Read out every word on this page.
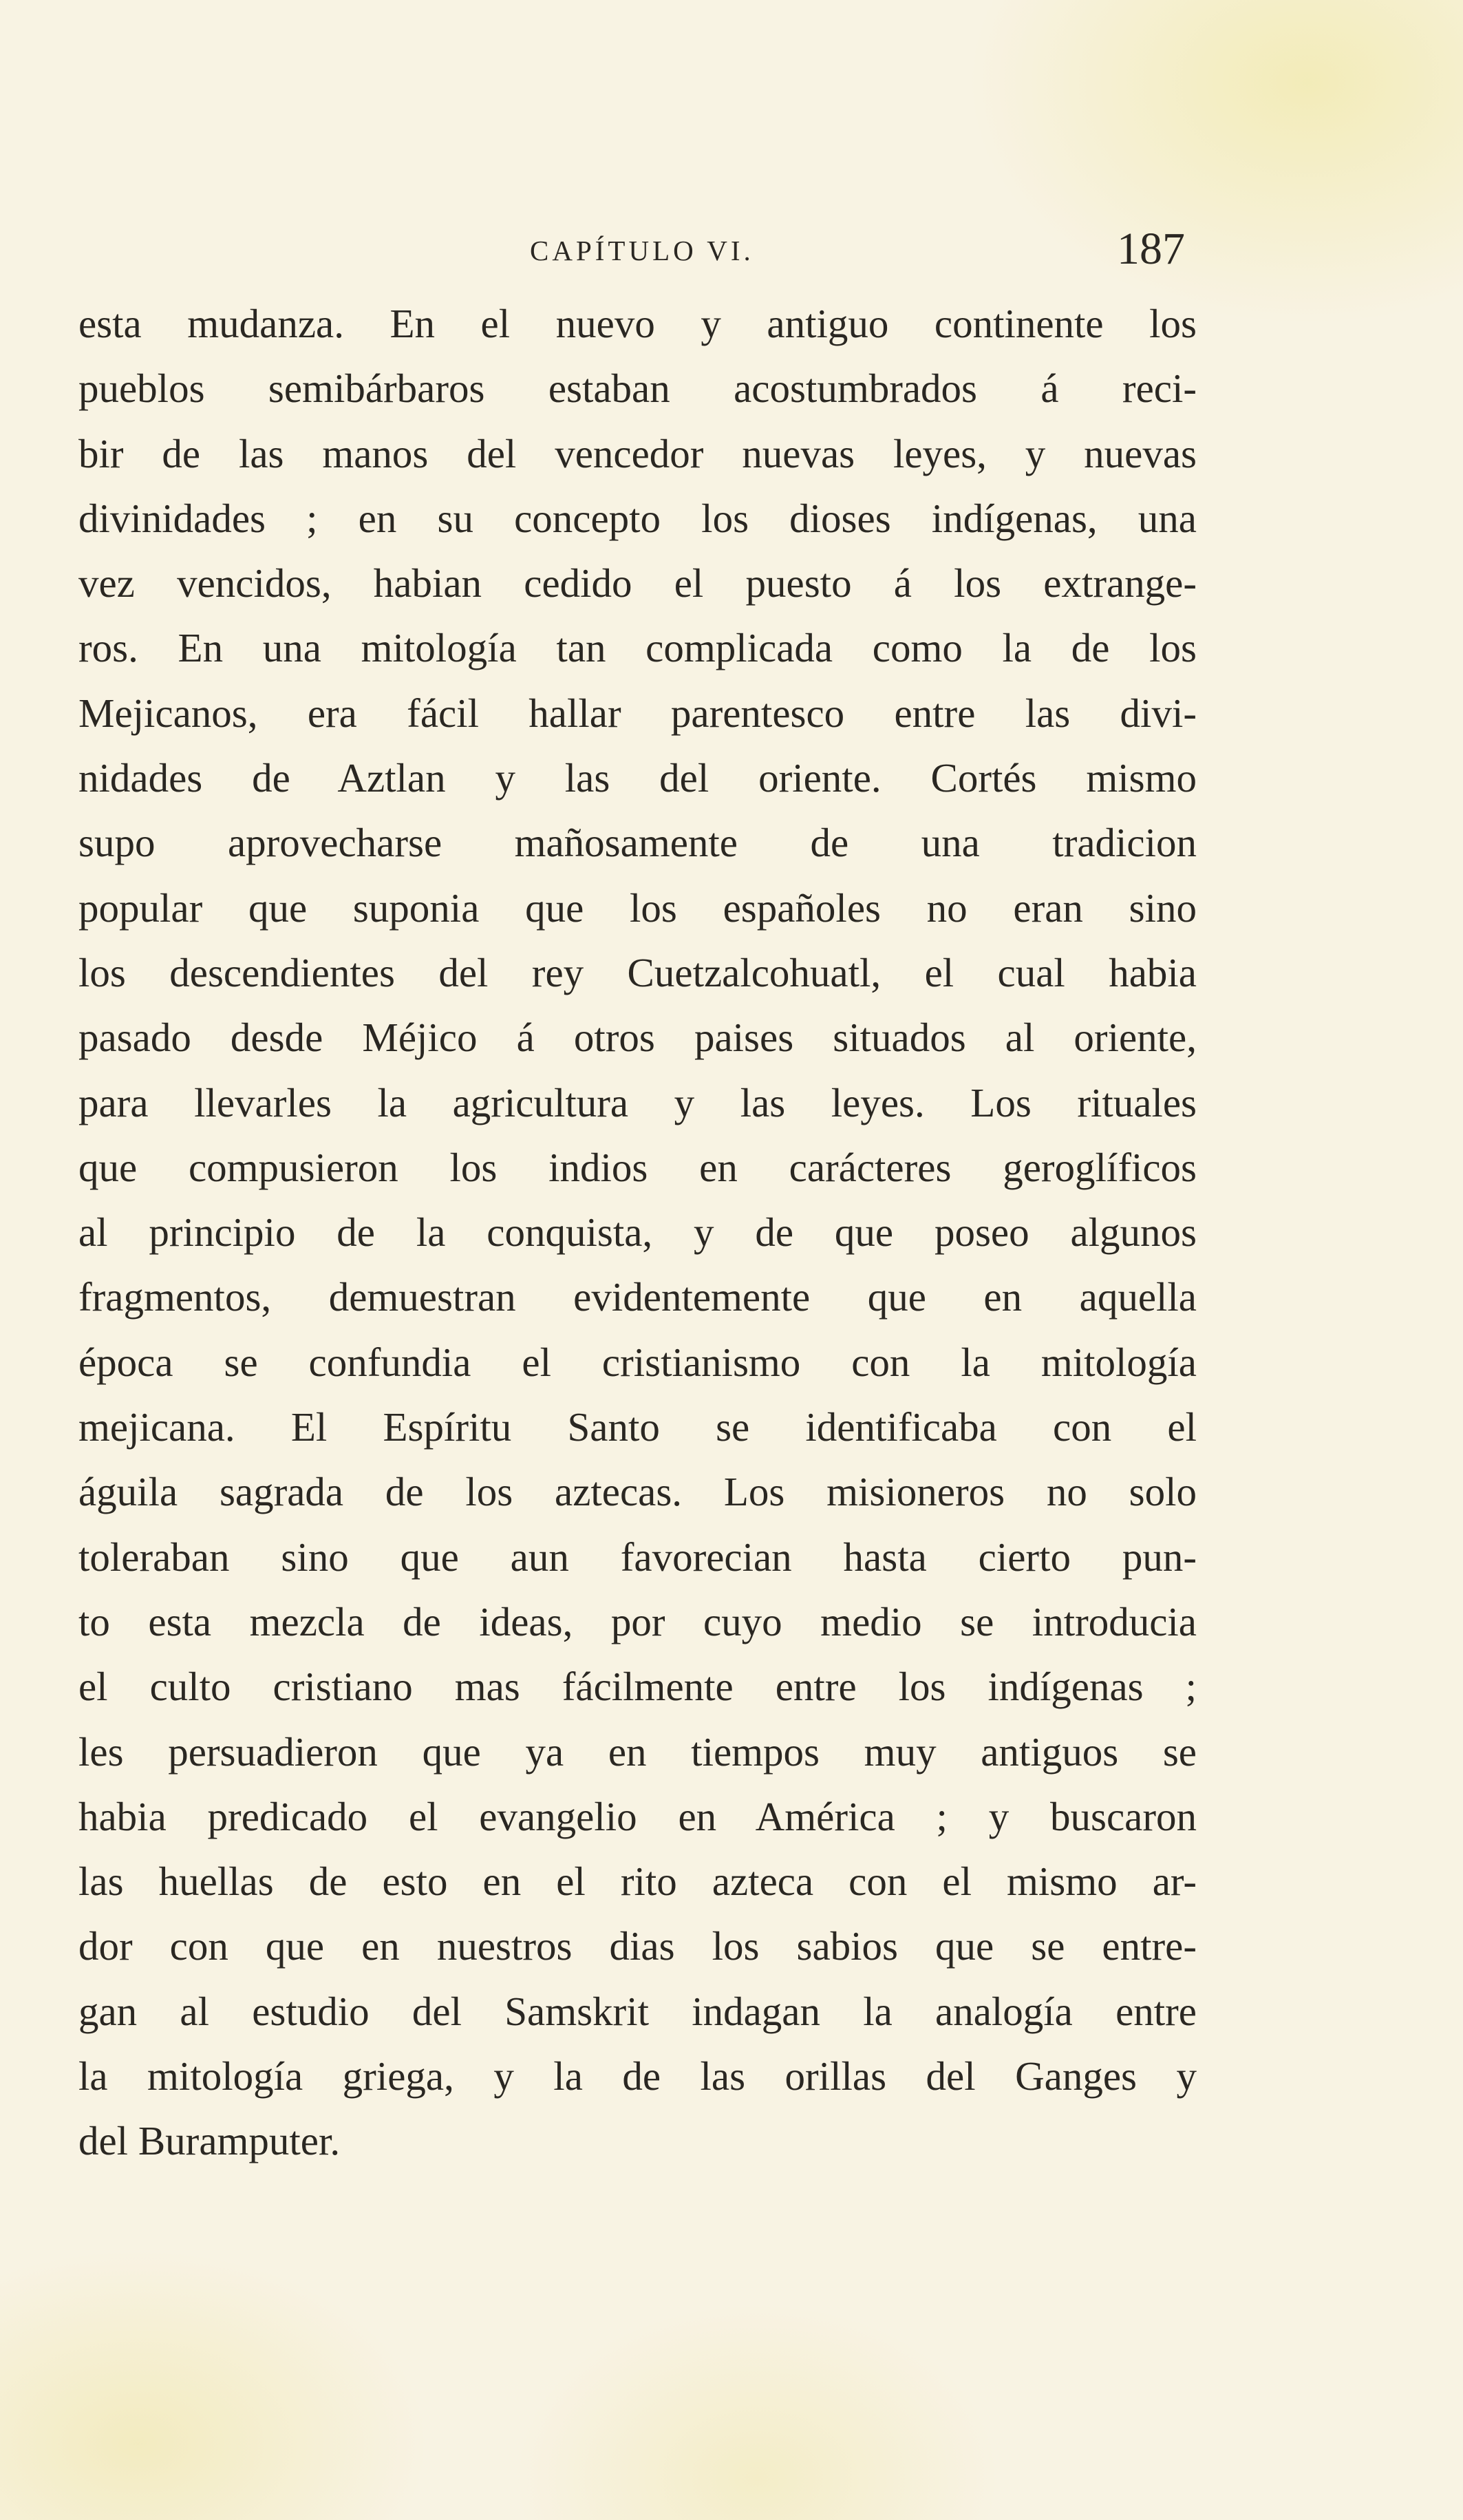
CAPÍTULO VI.	187
esta mudanza. En el nuevo y antiguo continente los
pueblos semibárbaros estaban acostumbrados á reci-
bir de las manos del vencedor nuevas leyes, y nuevas
divinidades ; en su concepto los dioses indígenas, una
vez vencidos, habian cedido el puesto á los extrange-
ros. En una mitología tan complicada como la de los
Mejicanos, era fácil hallar parentesco entre las divi-
nidades de Aztlan y las del oriente. Cortés mismo
supo aprovecharse mañosamente de una tradicion
popular que suponia que los españoles no eran sino
los descendientes del rey Cuetzalcohuatl, el cual habia
pasado desde Méjico á otros paises situados al oriente,
para llevarles la agricultura y las leyes. Los rituales
que compusieron los indios en carácteres geroglíficos
al principio de la conquista, y de que poseo algunos
fragmentos, demuestran evidentemente que en aquella
época se confundia el cristianismo con la mitología
mejicana. El Espíritu Santo se identificaba con el
águila sagrada de los aztecas. Los misioneros no solo
toleraban sino que aun favorecian hasta cierto pun-
to esta mezcla de ideas, por cuyo medio se introducia
el culto cristiano mas fácilmente entre los indígenas ;
les persuadieron que ya en tiempos muy antiguos se
habia predicado el evangelio en América ; y buscaron
las huellas de esto en el rito azteca con el mismo ar-
dor con que en nuestros dias los sabios que se entre-
gan al estudio del Samskrit indagan la analogía entre
la mitología griega, y la de las orillas del Ganges y
del Buramputer.
